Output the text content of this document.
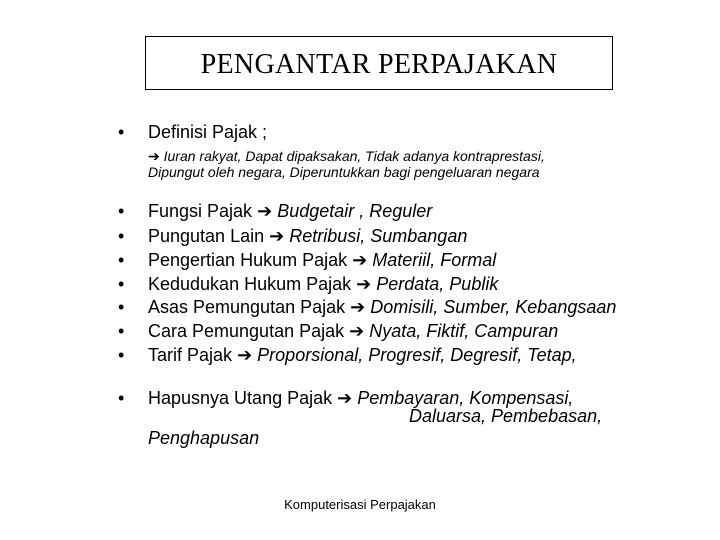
PENGANTAR PERPAJAKAN
• Definisi Pajak ;
➔ Iuran rakyat, Dapat dipaksakan, Tidak adanya kontraprestasi,
Dipungut oleh negara, Diperuntukkan bagi pengeluaran negara
• Fungsi Pajak ➔ Budgetair , Reguler
• Pungutan Lain ➔ Retribusi, Sumbangan
• Pengertian Hukum Pajak ➔ Materiil, Formal
• Kedudukan Hukum Pajak ➔ Perdata, Publik
• Asas Pemungutan Pajak ➔ Domisili, Sumber, Kebangsaan
• Cara Pemungutan Pajak ➔ Nyata, Fiktif, Campuran
• Tarif Pajak ➔ Proporsional, Progresif, Degresif, Tetap,
• Hapusnya Utang Pajak ➔ Pembayaran, Kompensasi,
Daluarsa, Pembebasan,
Penghapusan
Komputerisasi Perpajakan
